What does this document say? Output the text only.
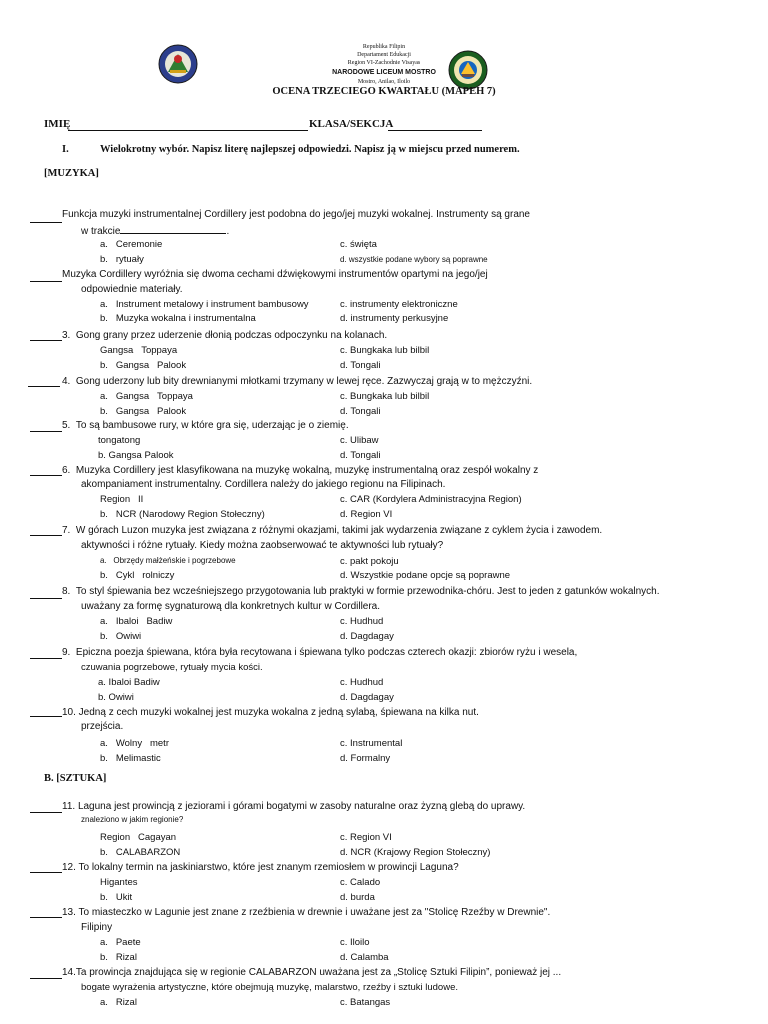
Republika Filipin
Departament Edukacji
Region VI-Zachodnie Visayas
NARODOWE LICEUM MOSTRO
Mostro, Anilao, Iloilo
OCENA TRZECIEGO KWARTAŁU (MAPEH 7)
IMIĘ	KLASA/SEKCJA
I.	Wielokrotny wybór. Napisz literę najlepszej odpowiedzi. Napisz ją w miejscu przed numerem.
[MUZYKA]
Funkcja muzyki instrumentalnej Cordillery jest podobna do jego/jej muzyki wokalnej. Instrumenty są grane
w trakcie	.
a.   Ceremonie
b.   rytuały
c. święta
d. wszystkie podane wybory są poprawne
Muzyka Cordillery wyróżnia się dwoma cechami dźwiękowymi instrumentów opartymi na jego/jej
odpowiednie materiały.
a.   Instrument metalowy i instrument bambusowy
b.   Muzyka wokalna i instrumentalna
c. instrumenty elektroniczne
d. instrumenty perkusyjne
3.  Gong grany przez uderzenie dłonią podczas odpoczynku na kolanach.
Gangsa   Toppaya
b.   Gangsa   Palook
c. Bungkaka lub bilbil
d. Tongali
4.  Gong uderzony lub bity drewnianymi młotkami trzymany w lewej ręce. Zazwyczaj grają w to mężczyźni.
a.   Gangsa   Toppaya
b.   Gangsa   Palook
c. Bungkaka lub bilbil
d. Tongali
5.  To są bambusowe rury, w które gra się, uderzając je o ziemię.
tongatong
b. Gangsa Palook
c. Ulibaw
d. Tongali
6.  Muzyka Cordillery jest klasyfikowana na muzykę wokalną, muzykę instrumentalną oraz zespół wokalny z
akompaniament instrumentalny. Cordillera należy do jakiego regionu na Filipinach.
Region   II
b.   NCR (Narodowy Region Stołeczny)
c. CAR (Kordylera Administracyjna Region)
d. Region VI
7.  W górach Luzon muzyka jest związana z różnymi okazjami, takimi jak wydarzenia związane z cyklem życia i zawodem.
aktywności i różne rytuały. Kiedy można zaobserwować te aktywności lub rytuały?
a.   Obrzędy małżeńskie i pogrzebowe
b.   Cykl   rolniczy
c. pakt pokoju
d. Wszystkie podane opcje są poprawne
8.  To styl śpiewania bez wcześniejszego przygotowania lub praktyki w formie przewodnika-chóru. Jest to jeden z gatunków wokalnych.
uważany za formę sygnaturową dla konkretnych kultur w Cordillera.
a.   Ibaloi   Badiw
b.   Owiwi
c. Hudhud
d. Dagdagay
9.  Epiczna poezja śpiewana, która była recytowana i śpiewana tylko podczas czterech okazji: zbiorów ryżu i wesela,
czuwania pogrzebowe, rytuały mycia kości.
a. Ibaloi Badiw
b. Owiwi
c. Hudhud
d. Dagdagay
10. Jedną z cech muzyki wokalnej jest muzyka wokalna z jedną sylabą, śpiewana na kilka nut.
przejścia.
a.   Wolny   metr
b.   Melimastic
c. Instrumental
d. Formalny
B. [SZTUKA]
11. Laguna jest prowincją z jeziorami i górami bogatymi w zasoby naturalne oraz żyzną glebą do uprawy.
znaleziono w jakim regionie?
Region   Cagayan
b.   CALABARZON
c. Region VI
d. NCR (Krajowy Region Stołeczny)
12. To lokalny termin na jaskiniarstwo, które jest znanym rzemiosłem w prowincji Laguna?
Higantes
b.   Ukit
c. Calado
d. burda
13. To miasteczko w Lagunie jest znane z rzeźbienia w drewnie i uważane jest za "Stolicę Rzeźby w Drewnie".
Filipiny
a.   Paete
b.   Rizal
c. Iloilo
d. Calamba
14.Ta prowincja znajdująca się w regionie CALABARZON uważana jest za „Stolicę Sztuki Filipin”, ponieważ jej ...
bogate wyrażenia artystyczne, które obejmują muzykę, malarstwo, rzeźby i sztuki ludowe.
a.   Rizal	c. Batangas
